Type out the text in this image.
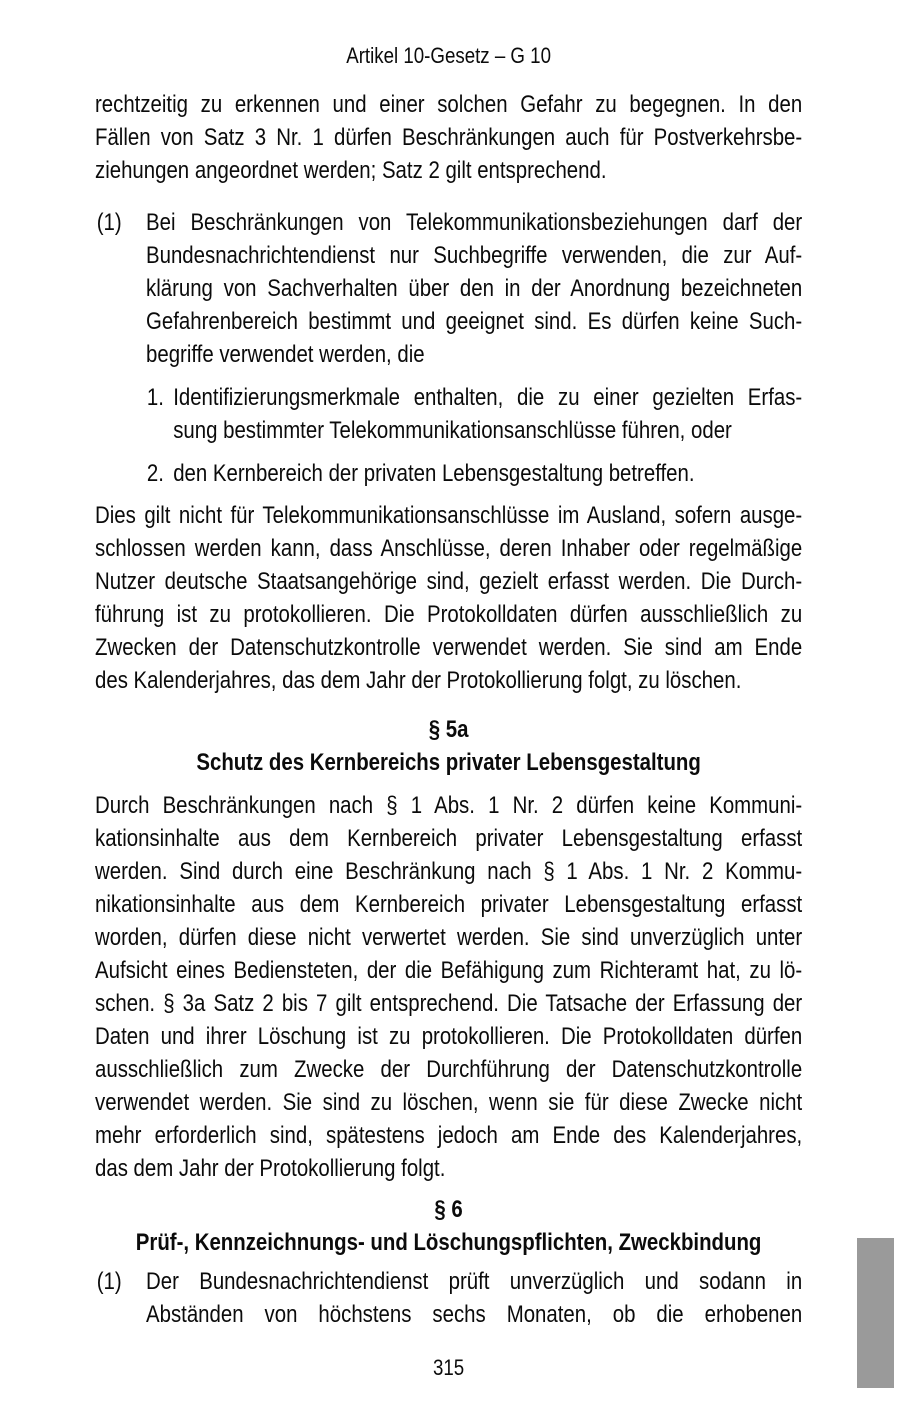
Artikel 10-Gesetz – G 10
rechtzeitig zu erkennen und einer solchen Gefahr zu begegnen. In den
Fällen von Satz 3 Nr. 1 dürfen Beschränkungen auch für Postverkehrsbe-
ziehungen angeordnet werden; Satz 2 gilt entsprechend.
(1) Bei Beschränkungen von Telekommunikationsbeziehungen darf der
Bundesnachrichtendienst nur Suchbegriffe verwenden, die zur Auf-
klärung von Sachverhalten über den in der Anordnung bezeichneten
Gefahrenbereich bestimmt und geeignet sind. Es dürfen keine Such-
begriffe verwendet werden, die
1. Identifizierungsmerkmale enthalten, die zu einer gezielten Erfas-
sung bestimmter Telekommunikationsanschlüsse führen, oder
2. den Kernbereich der privaten Lebensgestaltung betreffen.
Dies gilt nicht für Telekommunikationsanschlüsse im Ausland, sofern ausge-
schlossen werden kann, dass Anschlüsse, deren Inhaber oder regelmäßige
Nutzer deutsche Staatsangehörige sind, gezielt erfasst werden. Die Durch-
führung ist zu protokollieren. Die Protokolldaten dürfen ausschließlich zu
Zwecken der Datenschutzkontrolle verwendet werden. Sie sind am Ende
des Kalenderjahres, das dem Jahr der Protokollierung folgt, zu löschen.
§ 5a
Schutz des Kernbereichs privater Lebensgestaltung
Durch Beschränkungen nach § 1 Abs. 1 Nr. 2 dürfen keine Kommuni-
kationsinhalte aus dem Kernbereich privater Lebensgestaltung erfasst
werden. Sind durch eine Beschränkung nach § 1 Abs. 1 Nr. 2 Kommu-
nikationsinhalte aus dem Kernbereich privater Lebensgestaltung erfasst
worden, dürfen diese nicht verwertet werden. Sie sind unverzüglich unter
Aufsicht eines Bediensteten, der die Befähigung zum Richteramt hat, zu lö-
schen. § 3a Satz 2 bis 7 gilt entsprechend. Die Tatsache der Erfassung der
Daten und ihrer Löschung ist zu protokollieren. Die Protokolldaten dürfen
ausschließlich zum Zwecke der Durchführung der Datenschutzkontrolle
verwendet werden. Sie sind zu löschen, wenn sie für diese Zwecke nicht
mehr erforderlich sind, spätestens jedoch am Ende des Kalenderjahres,
das dem Jahr der Protokollierung folgt.
§ 6
Prüf-, Kennzeichnungs- und Löschungspflichten, Zweckbindung
(1) Der Bundesnachrichtendienst prüft unverzüglich und sodann in
Abständen von höchstens sechs Monaten, ob die erhobenen
315
